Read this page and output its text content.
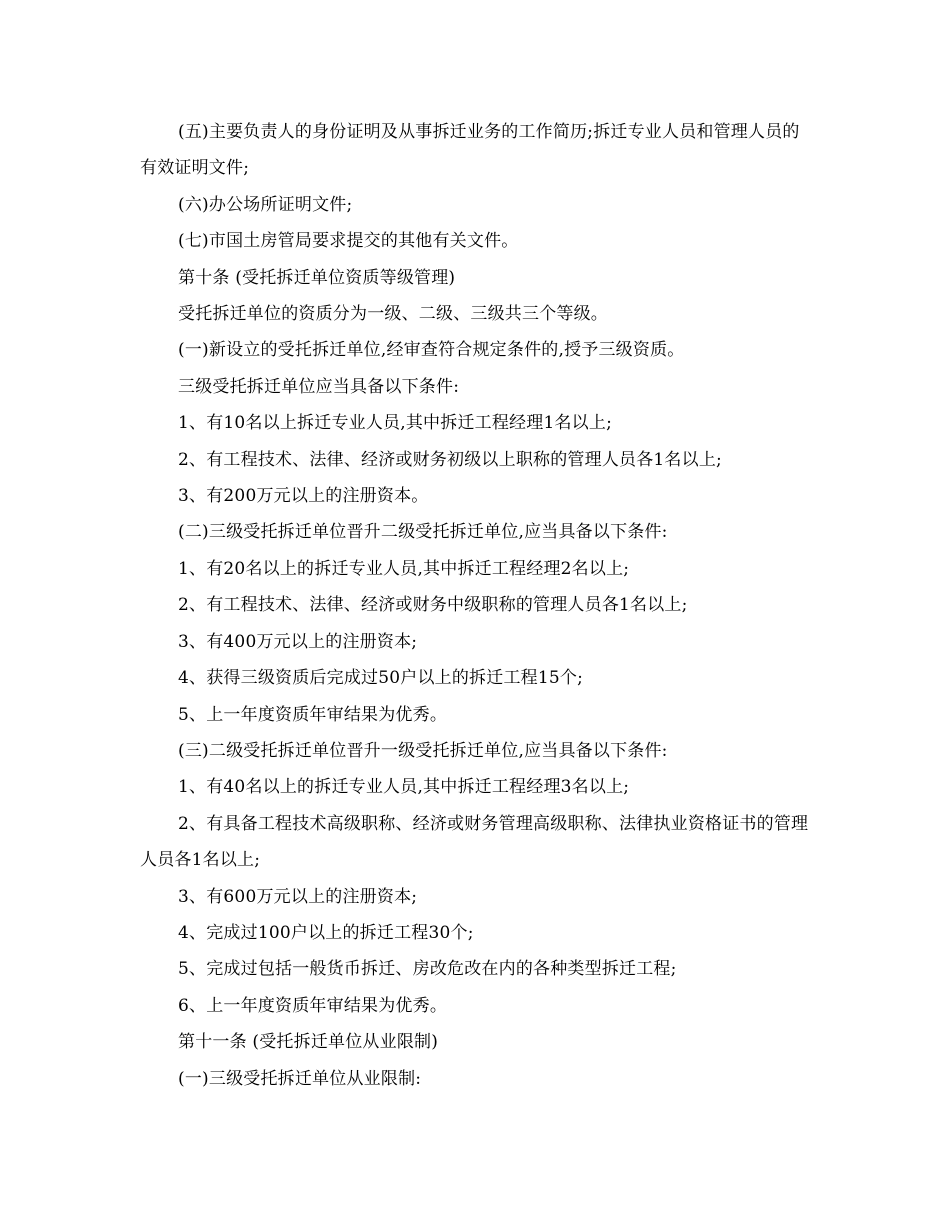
(五)主要负责人的身份证明及从事拆迁业务的工作简历;拆迁专业人员和管理人员的有效证明文件;

(六)办公场所证明文件;

(七)市国土房管局要求提交的其他有关文件。

第十条 (受托拆迁单位资质等级管理)

受托拆迁单位的资质分为一级、二级、三级共三个等级。

(一)新设立的受托拆迁单位,经审查符合规定条件的,授予三级资质。

三级受托拆迁单位应当具备以下条件:

1、有10名以上拆迁专业人员,其中拆迁工程经理1名以上;

2、有工程技术、法律、经济或财务初级以上职称的管理人员各1名以上;

3、有200万元以上的注册资本。

(二)三级受托拆迁单位晋升二级受托拆迁单位,应当具备以下条件:

1、有20名以上的拆迁专业人员,其中拆迁工程经理2名以上;

2、有工程技术、法律、经济或财务中级职称的管理人员各1名以上;

3、有400万元以上的注册资本;

4、获得三级资质后完成过50户以上的拆迁工程15个;

5、上一年度资质年审结果为优秀。

(三)二级受托拆迁单位晋升一级受托拆迁单位,应当具备以下条件:

1、有40名以上的拆迁专业人员,其中拆迁工程经理3名以上;

2、有具备工程技术高级职称、经济或财务管理高级职称、法律执业资格证书的管理人员各1名以上;

3、有600万元以上的注册资本;

4、完成过100户以上的拆迁工程30个;

5、完成过包括一般货币拆迁、房改危改在内的各种类型拆迁工程;

6、上一年度资质年审结果为优秀。

第十一条 (受托拆迁单位从业限制)

(一)三级受托拆迁单位从业限制:
